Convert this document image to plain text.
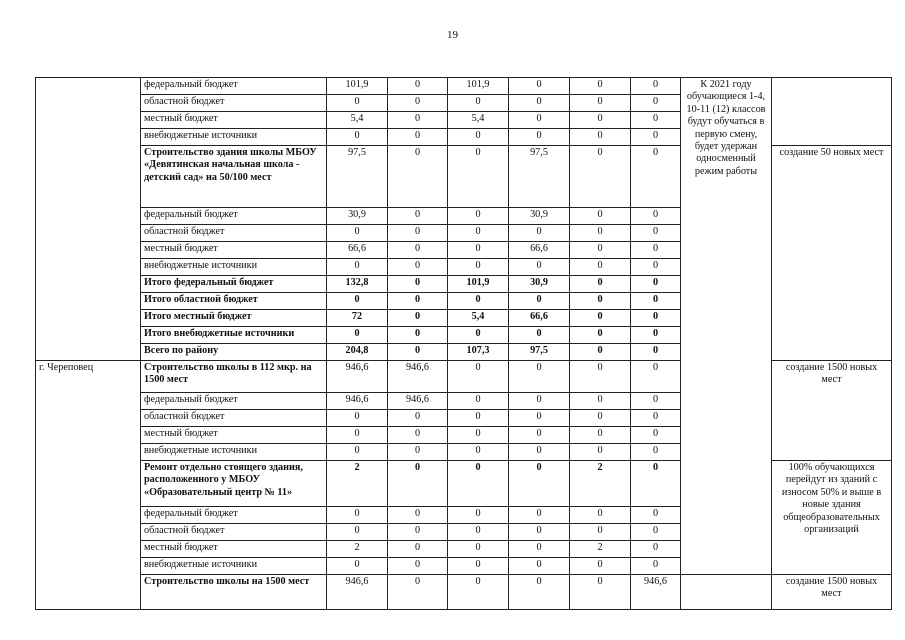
19
	федеральный бюджет	101,9	0	101,9	0	0	0	К 2021 году обучающиеся 1-4, 10-11 (12) классов будут обучаться в первую смену, будет удержан односменный режим работы	
	областной бюджет	0	0	0	0	0	0		
	местный бюджет	5,4	0	5,4	0	0	0		
	внебюджетные источники	0	0	0	0	0	0		
	Строительство здания школы МБОУ «Девятинская начальная школа - детский сад» на 50/100 мест	97,5	0	0	97,5	0	0		создание 50 новых мест
	федеральный бюджет	30,9	0	0	30,9	0	0		
	областной бюджет	0	0	0	0	0	0		
	местный бюджет	66,6	0	0	66,6	0	0		
	внебюджетные источники	0	0	0	0	0	0		
	Итого федеральный бюджет	132,8	0	101,9	30,9	0	0		
	Итого областной бюджет	0	0	0	0	0	0		
	Итого местный бюджет	72	0	5,4	66,6	0	0		
	Итого внебюджетные источники	0	0	0	0	0	0		
	Всего по району	204,8	0	107,3	97,5	0	0		
г. Череповец	Строительство школы в 112 мкр. на 1500 мест	946,6	946,6	0	0	0	0		создание 1500 новых мест
	федеральный бюджет	946,6	946,6	0	0	0	0		
	областной бюджет	0	0	0	0	0	0		
	местный бюджет	0	0	0	0	0	0		
	внебюджетные источники	0	0	0	0	0	0		
	Ремонт отдельно стоящего здания, расположенного у МБОУ «Образовательный центр № 11»	2	0	0	0	2	0		100% обучающихся перейдут из зданий с износом 50% и выше в новые здания общеобразовательных организаций
	федеральный бюджет	0	0	0	0	0	0		
	областной бюджет	0	0	0	0	0	0		
	местный бюджет	2	0	0	0	2	0		
	внебюджетные источники	0	0	0	0	0	0		
	Строительство школы на 1500 мест	946,6	0	0	0	0	946,6		создание 1500 новых мест
